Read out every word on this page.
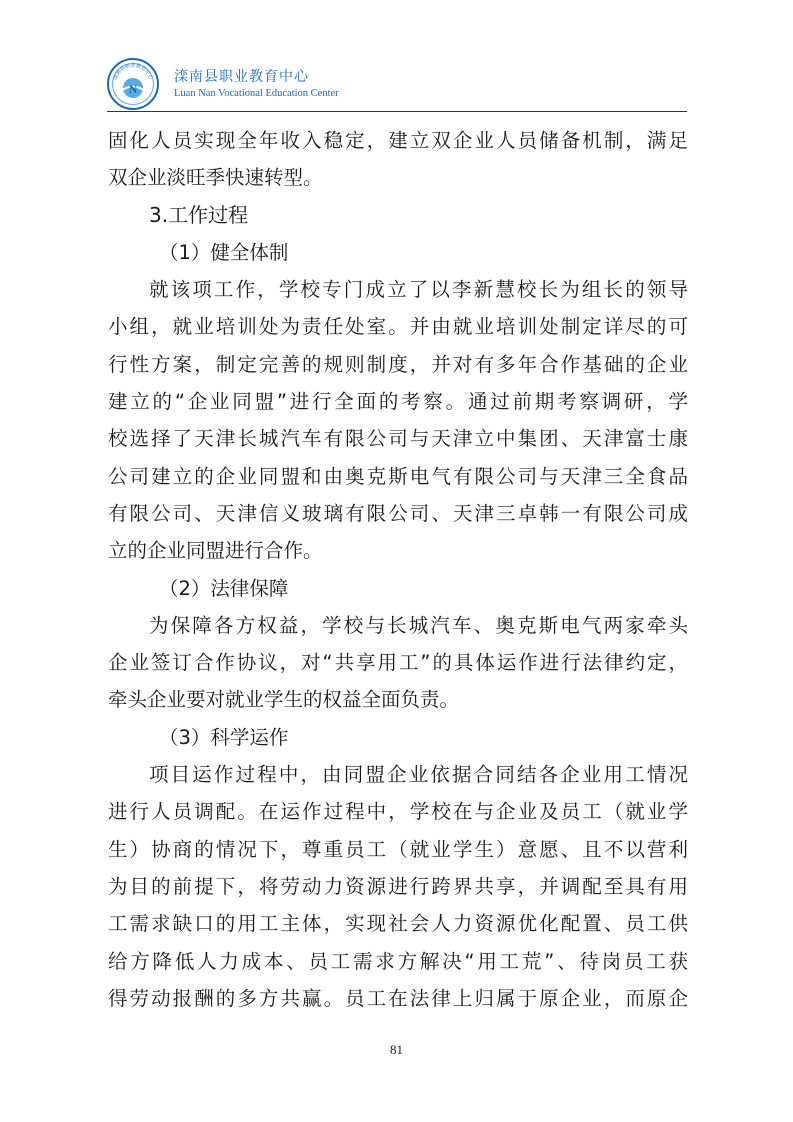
滦南县职业教育中心
N
滦南县职业教育中心
Luan Nan Vocational Education Center
固化人员实现全年收入稳定，建立双企业人员储备机制，满足
双企业淡旺季快速转型。
3.工作过程
（1）健全体制
就该项工作，学校专门成立了以李新慧校长为组长的领导
小组，就业培训处为责任处室。并由就业培训处制定详尽的可
行性方案，制定完善的规则制度，并对有多年合作基础的企业
建立的“企业同盟”进行全面的考察。通过前期考察调研，学
校选择了天津长城汽车有限公司与天津立中集团、天津富士康
公司建立的企业同盟和由奥克斯电气有限公司与天津三全食品
有限公司、天津信义玻璃有限公司、天津三卓韩一有限公司成
立的企业同盟进行合作。
（2）法律保障
为保障各方权益，学校与长城汽车、奥克斯电气两家牵头
企业签订合作协议，对“共享用工”的具体运作进行法律约定，
牵头企业要对就业学生的权益全面负责。
（3）科学运作
项目运作过程中，由同盟企业依据合同结各企业用工情况
进行人员调配。在运作过程中，学校在与企业及员工（就业学
生）协商的情况下，尊重员工（就业学生）意愿、且不以营利
为目的前提下，将劳动力资源进行跨界共享，并调配至具有用
工需求缺口的用工主体，实现社会人力资源优化配置、员工供
给方降低人力成本、员工需求方解决“用工荒”、待岗员工获
得劳动报酬的多方共赢。员工在法律上归属于原企业，而原企
81
